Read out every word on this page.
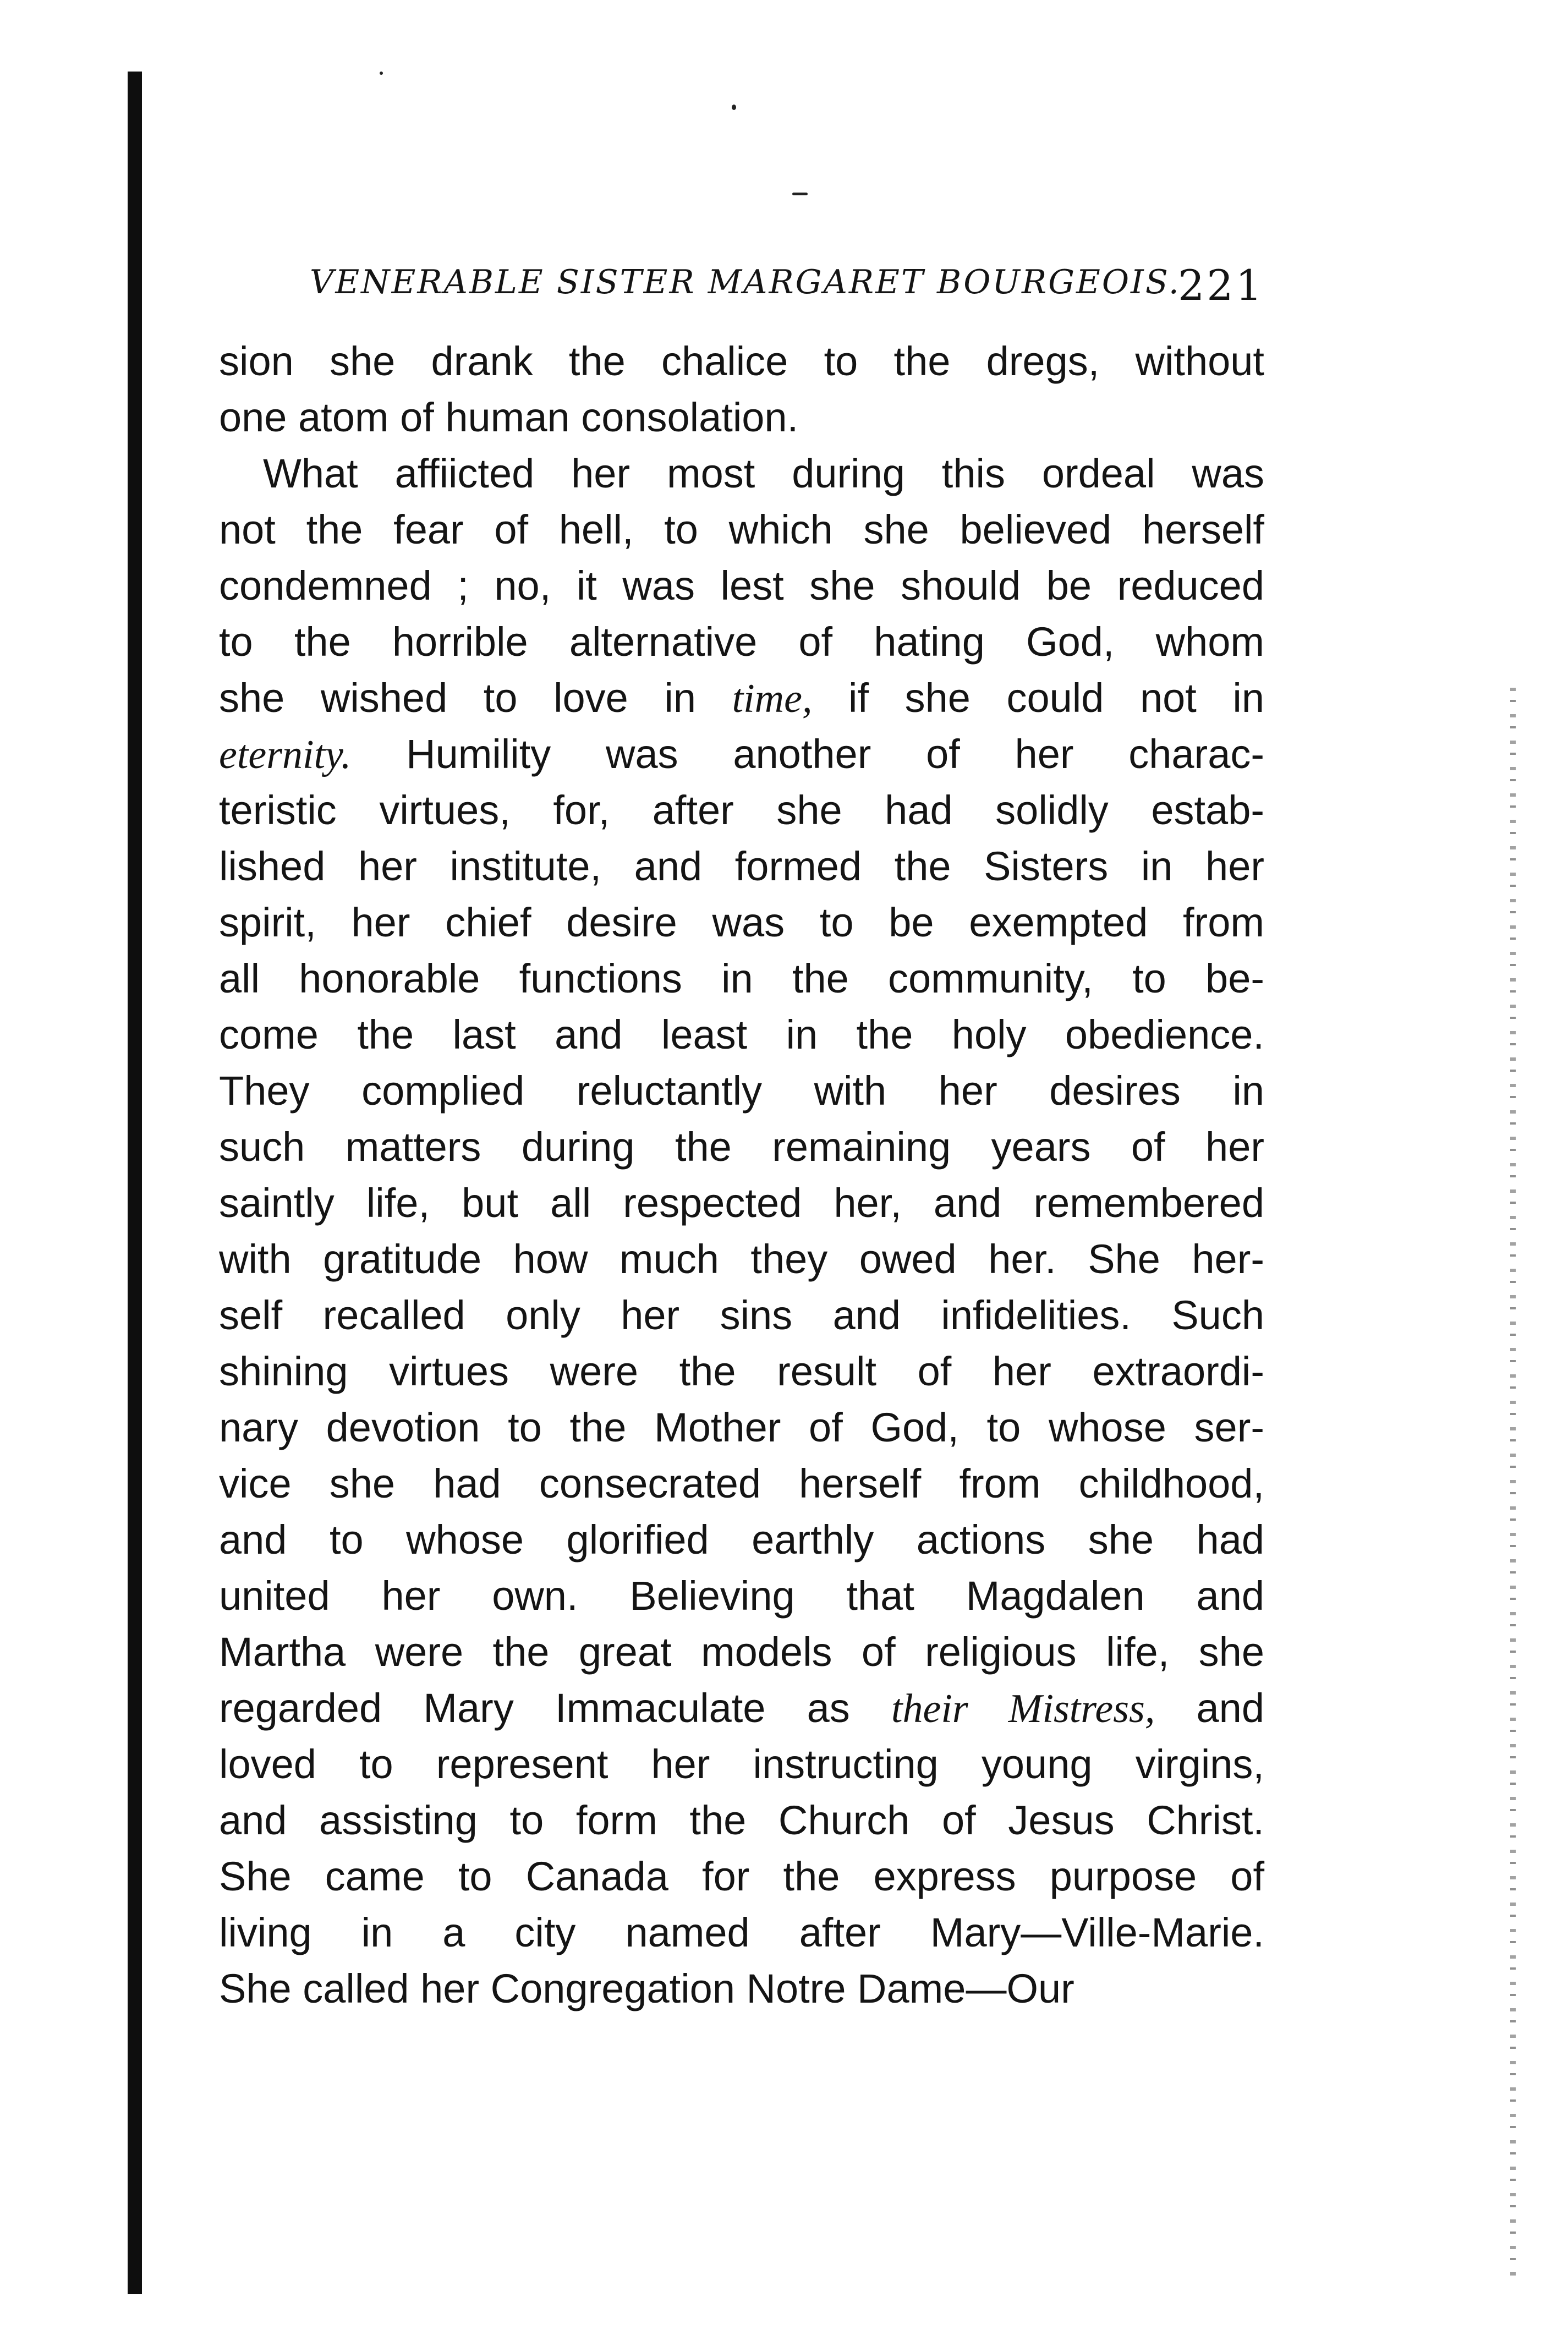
VENERABLE SISTER MARGARET BOURGEOIS.
221
sion she drank the chalice to the dregs, without
one atom of human consolation.
What affiicted her most during this ordeal was
not the fear of hell, to which she believed herself
condemned ; no, it was lest she should be reduced
to the horrible alternative of hating God, whom
she wished to love in time, if she could not in
eternity. Humility was another of her charac-
teristic virtues, for, after she had solidly estab-
lished her institute, and formed the Sisters in her
spirit, her chief desire was to be exempted from
all honorable functions in the community, to be-
come the last and least in the holy obedience.
They complied reluctantly with her desires in
such matters during the remaining years of her
saintly life, but all respected her, and remembered
with gratitude how much they owed her. She her-
self recalled only her sins and infidelities. Such
shining virtues were the result of her extraordi-
nary devotion to the Mother of God, to whose ser-
vice she had consecrated herself from childhood,
and to whose glorified earthly actions she had
united her own. Believing that Magdalen and
Martha were the great models of religious life, she
regarded Mary Immaculate as their Mistress, and
loved to represent her instructing young virgins,
and assisting to form the Church of Jesus Christ.
She came to Canada for the express purpose of
living in a city named after Mary—Ville-Marie.
She called her Congregation Notre Dame—Our
